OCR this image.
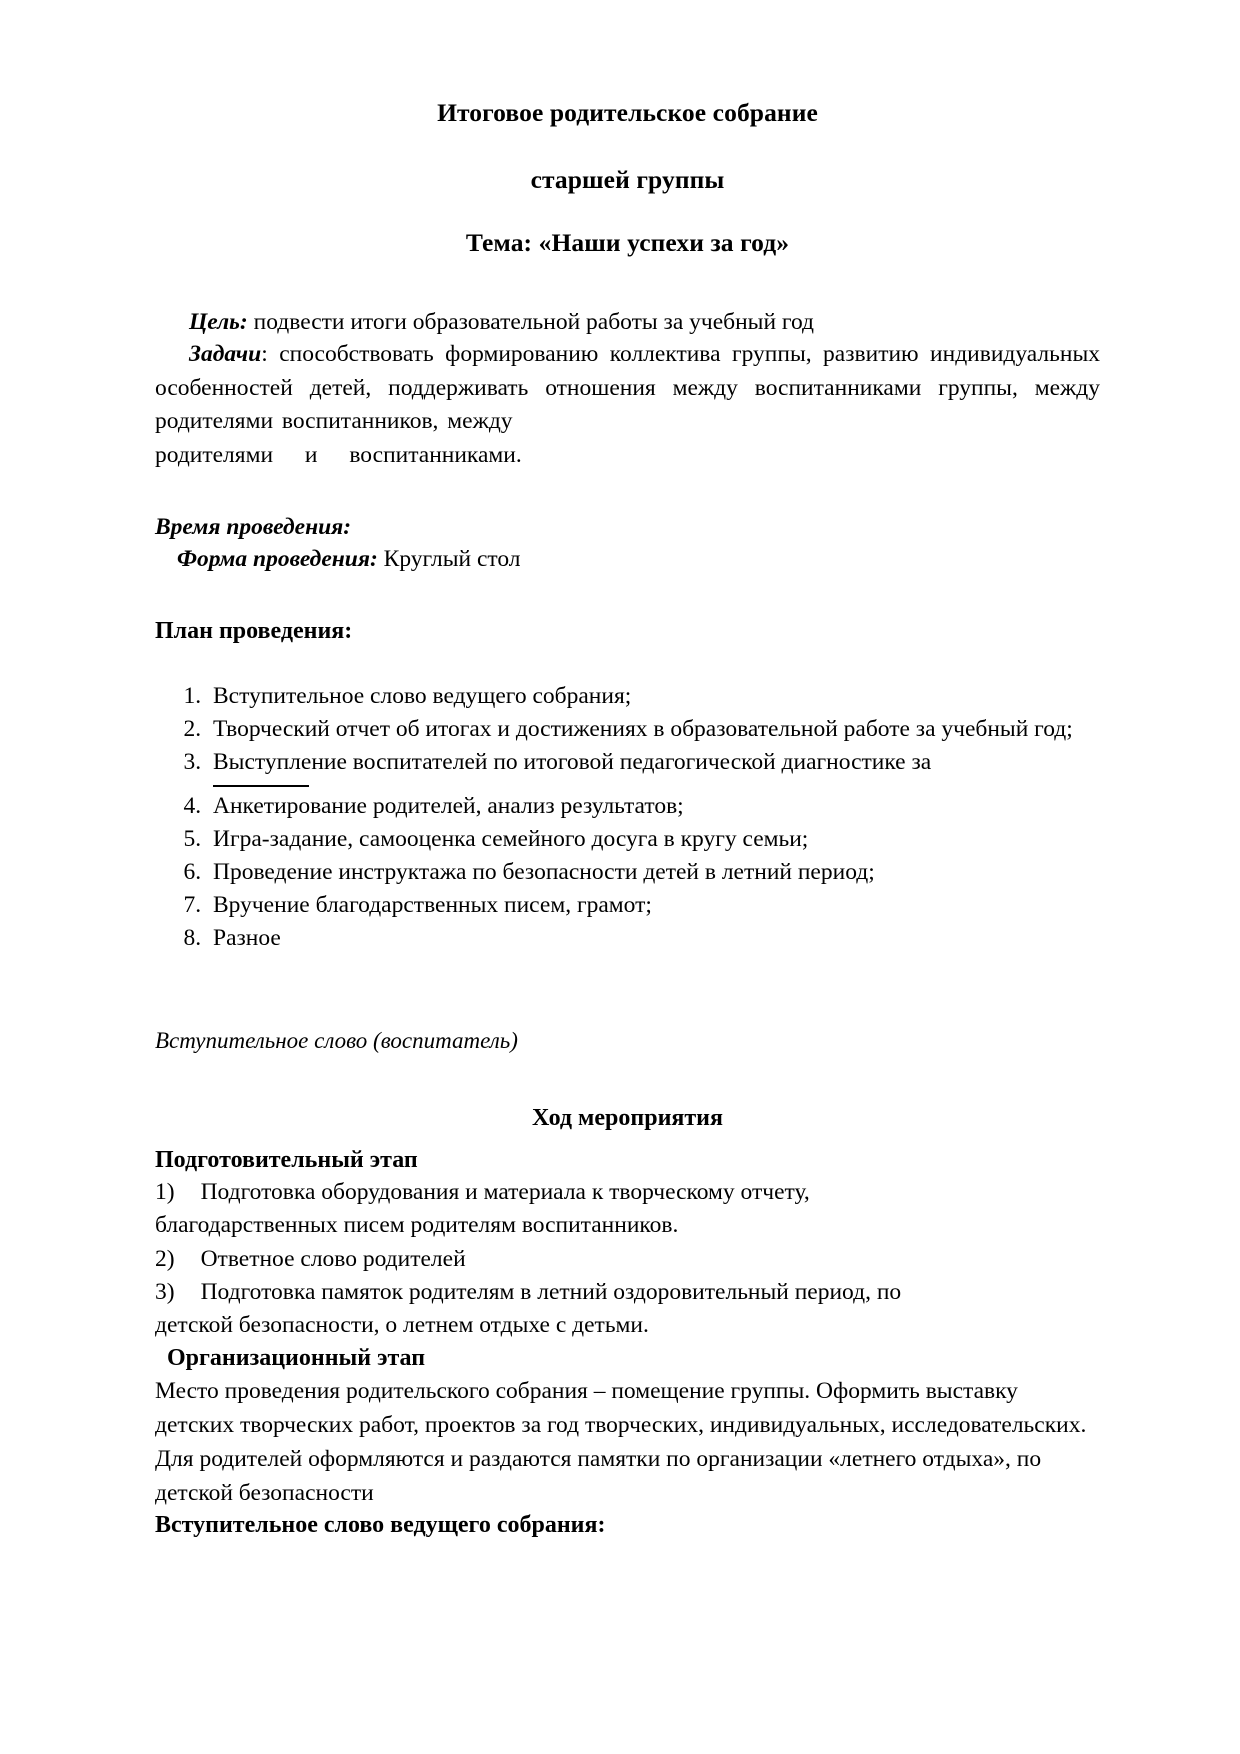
Итоговое родительское собрание

старшей группы

Тема: «Наши успехи за год»

Цель: подвести итоги образовательной работы за учебный год

Задачи: способствовать формированию коллектива группы, развитию индивидуальных особенностей детей, поддерживать отношения между воспитанниками группы, между родителями воспитанников, между

родителями и воспитанниками.

Время проведения:

Форма проведения: Круглый стол

План проведения:

1. Вступительное слово ведущего собрания;
2. Творческий отчет об итогах и достижениях в образовательной работе за учебный год;
3. Выступление воспитателей по итоговой педагогической диагностике за
4. Анкетирование родителей, анализ результатов;
5. Игра-задание, самооценка семейного досуга в кругу семьи;
6. Проведение инструктажа по безопасности детей в летний период;
7. Вручение благодарственных писем, грамот;
8. Разное

Вступительное слово (воспитатель)

Ход мероприятия

Подготовительный этап

1) Подготовка оборудования и материала к творческому отчету,

благодарственных писем родителям воспитанников.

2) Ответное слово родителей

3) Подготовка памяток родителям в летний оздоровительный период, по

детской безопасности, о летнем отдыхе с детьми.

Организационный этап

Место проведения родительского собрания – помещение группы. Оформить выставку детских творческих работ, проектов за год творческих, индивидуальных, исследовательских. Для родителей оформляются и раздаются памятки по организации «летнего отдыха», по детской безопасности

Вступительное слово ведущего собрания:
